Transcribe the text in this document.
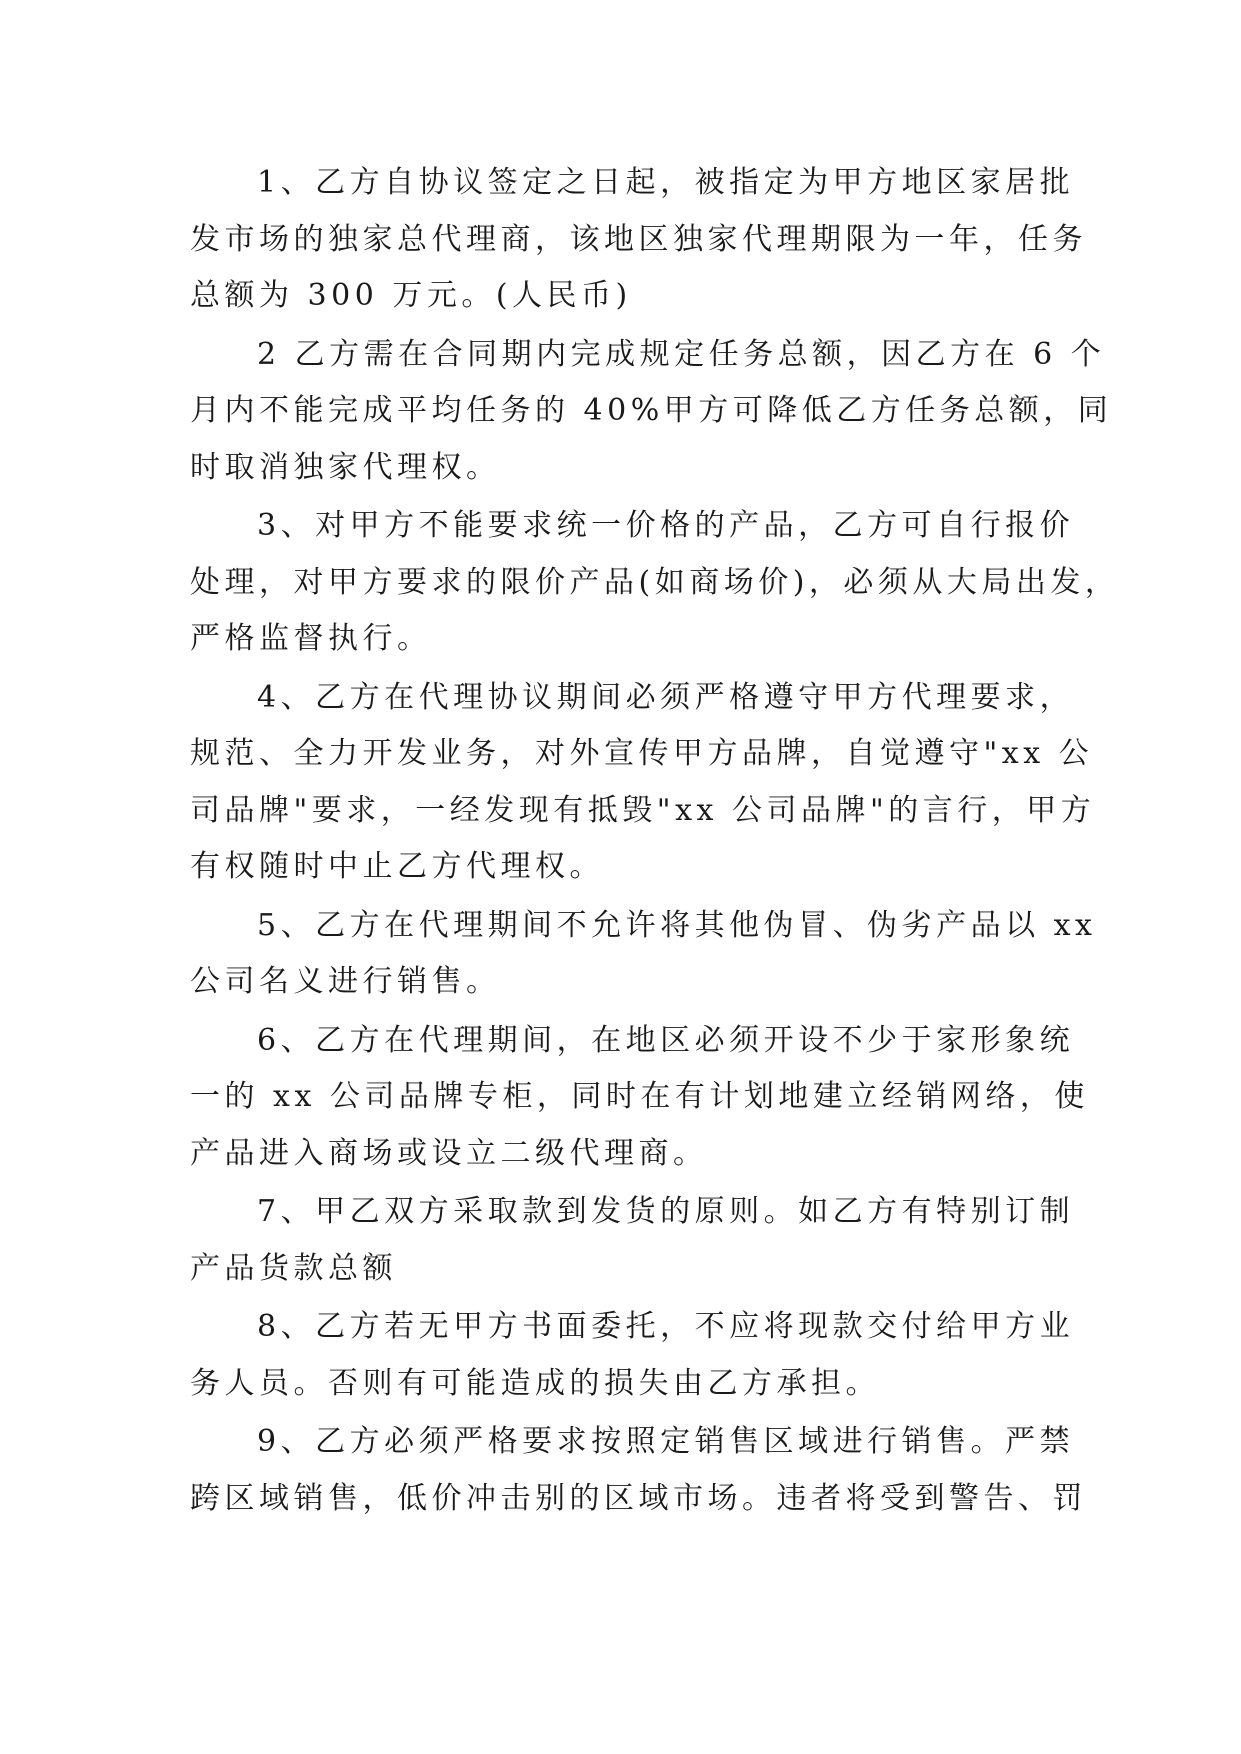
1、乙方自协议签定之日起，被指定为甲方地区家居批
发市场的独家总代理商，该地区独家代理期限为一年，任务
总额为 300 万元。(人民币)

2 乙方需在合同期内完成规定任务总额，因乙方在 6 个
月内不能完成平均任务的 40%甲方可降低乙方任务总额，同
时取消独家代理权。

3、对甲方不能要求统一价格的产品，乙方可自行报价
处理，对甲方要求的限价产品(如商场价)，必须从大局出发，
严格监督执行。

4、乙方在代理协议期间必须严格遵守甲方代理要求，
规范、全力开发业务，对外宣传甲方品牌，自觉遵守"xx 公
司品牌"要求，一经发现有抵毁"xx 公司品牌"的言行，甲方
有权随时中止乙方代理权。

5、乙方在代理期间不允许将其他伪冒、伪劣产品以 xx
公司名义进行销售。

6、乙方在代理期间，在地区必须开设不少于家形象统
一的 xx 公司品牌专柜，同时在有计划地建立经销网络，使
产品进入商场或设立二级代理商。

7、甲乙双方采取款到发货的原则。如乙方有特别订制
产品货款总额

8、乙方若无甲方书面委托，不应将现款交付给甲方业
务人员。否则有可能造成的损失由乙方承担。

9、乙方必须严格要求按照定销售区域进行销售。严禁
跨区域销售，低价冲击别的区域市场。违者将受到警告、罚
